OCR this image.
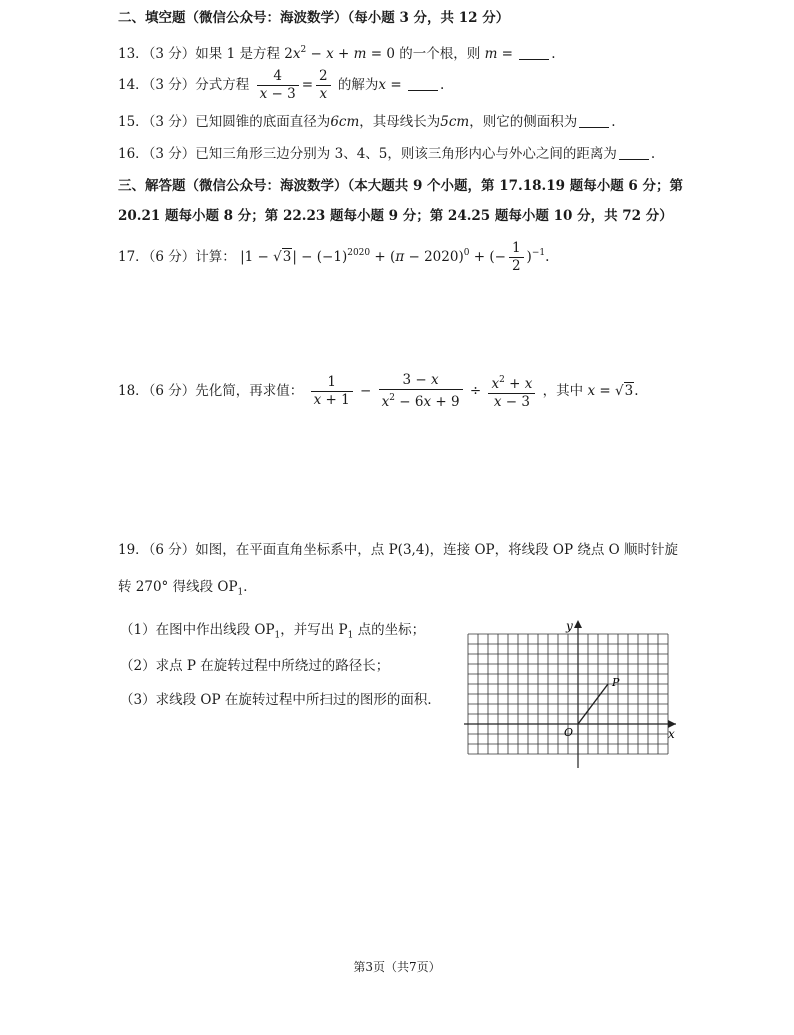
二、填空题（微信公众号：海波数学）（每小题 3 分，共 12 分）
13．（3 分）如果 1 是方程 $2x^2 - x + m = 0$ 的一个根，则 m =	.
14．（3 分）分式方程 $\frac{4}{x - 3} = \frac{2}{x}$ 的解为x =	.
15．（3 分）已知圆锥的底面直径为6cm，其母线长为5cm，则它的侧面积为	.
16．（3 分）已知三角形三边分别为 3、4、5，则该三角形内心与外心之间的距离为	.
三、解答题（微信公众号：海波数学）（本大题共 9 个小题，第 17.18.19 题每小题 6 分；第
20.21 题每小题 8 分；第 22.23 题每小题 9 分；第 24.25 题每小题 10 分，共 72 分）
17．（6 分）计算： $|1 - √3| - (-1)^{2020} + (\pi - 2020)^0$ + (− $\frac{1}{2} )^{-1}$.
18．（6 分）先化简，再求值： $\frac{1}{x + 1} - \frac{3 - x}{x^2 - 6x + 9} \div \frac{x^2 + x}{x - 3}$ ，其中 x = √3.
19．（6 分）如图，在平面直角坐标系中，点 P(3,4)，连接 OP，将线段 OP 绕点 O 顺时针旋
转 270° 得线段 $OP_1$．
（1）在图中作出线段 $OP_1$，并写出 $P_1$ 点的坐标；
（2）求点 P 在旋转过程中所绕过的路径长；
（3）求线段 OP 在旋转过程中所扫过的图形的面积．
y
x
O
P
第3页（共7页）
